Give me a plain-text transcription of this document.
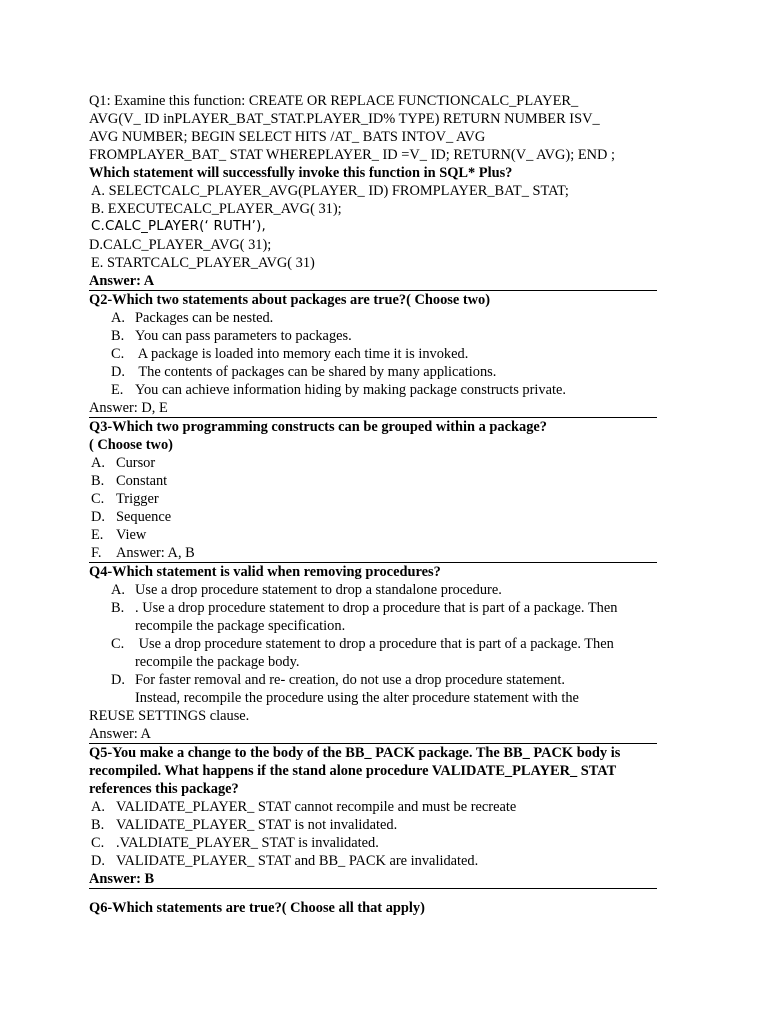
Q1: Examine this function: CREATE OR REPLACE FUNCTIONCALC_PLAYER_
AVG(V_ ID inPLAYER_BAT_STAT.PLAYER_ID% TYPE) RETURN NUMBER ISV_
AVG NUMBER; BEGIN SELECT HITS /AT_ BATS INTOV_ AVG
FROMPLAYER_BAT_ STAT WHEREPLAYER_ ID =V_ ID; RETURN(V_ AVG); END ;
Which statement will successfully invoke this function in SQL* Plus?
A. SELECTCALC_PLAYER_AVG(PLAYER_ ID) FROMPLAYER_BAT_ STAT;
B. EXECUTECALC_PLAYER_AVG( 31);
C.CALC_PLAYER(‘ RUTH’),
D.CALC_PLAYER_AVG( 31);
E. STARTCALC_PLAYER_AVG( 31)
Answer: A
Q2-Which two statements about packages are true?( Choose two)
A. Packages can be nested.
B. You can pass parameters to packages.
C. A package is loaded into memory each time it is invoked.
D. The contents of packages can be shared by many applications.
E. You can achieve information hiding by making package constructs private.
Answer: D, E
Q3-Which two programming constructs can be grouped within a package?
( Choose two)
A. Cursor
B. Constant
C. Trigger
D. Sequence
E. View
F. Answer: A, B
Q4-Which statement is valid when removing procedures?
A. Use a drop procedure statement to drop a standalone procedure.
B. . Use a drop procedure statement to drop a procedure that is part of a package. Then
recompile the package specification.
C. Use a drop procedure statement to drop a procedure that is part of a package. Then
recompile the package body.
D. For faster removal and re- creation, do not use a drop procedure statement.
Instead, recompile the procedure using the alter procedure statement with the
REUSE SETTINGS clause.
Answer: A
Q5-You make a change to the body of the BB_ PACK package. The BB_ PACK body is
recompiled. What happens if the stand alone procedure VALIDATE_PLAYER_ STAT
references this package?
A. VALIDATE_PLAYER_ STAT cannot recompile and must be recreate
B. VALIDATE_PLAYER_ STAT is not invalidated.
C. .VALDIATE_PLAYER_ STAT is invalidated.
D. VALIDATE_PLAYER_ STAT and BB_ PACK are invalidated.
Answer: B
Q6-Which statements are true?( Choose all that apply)
